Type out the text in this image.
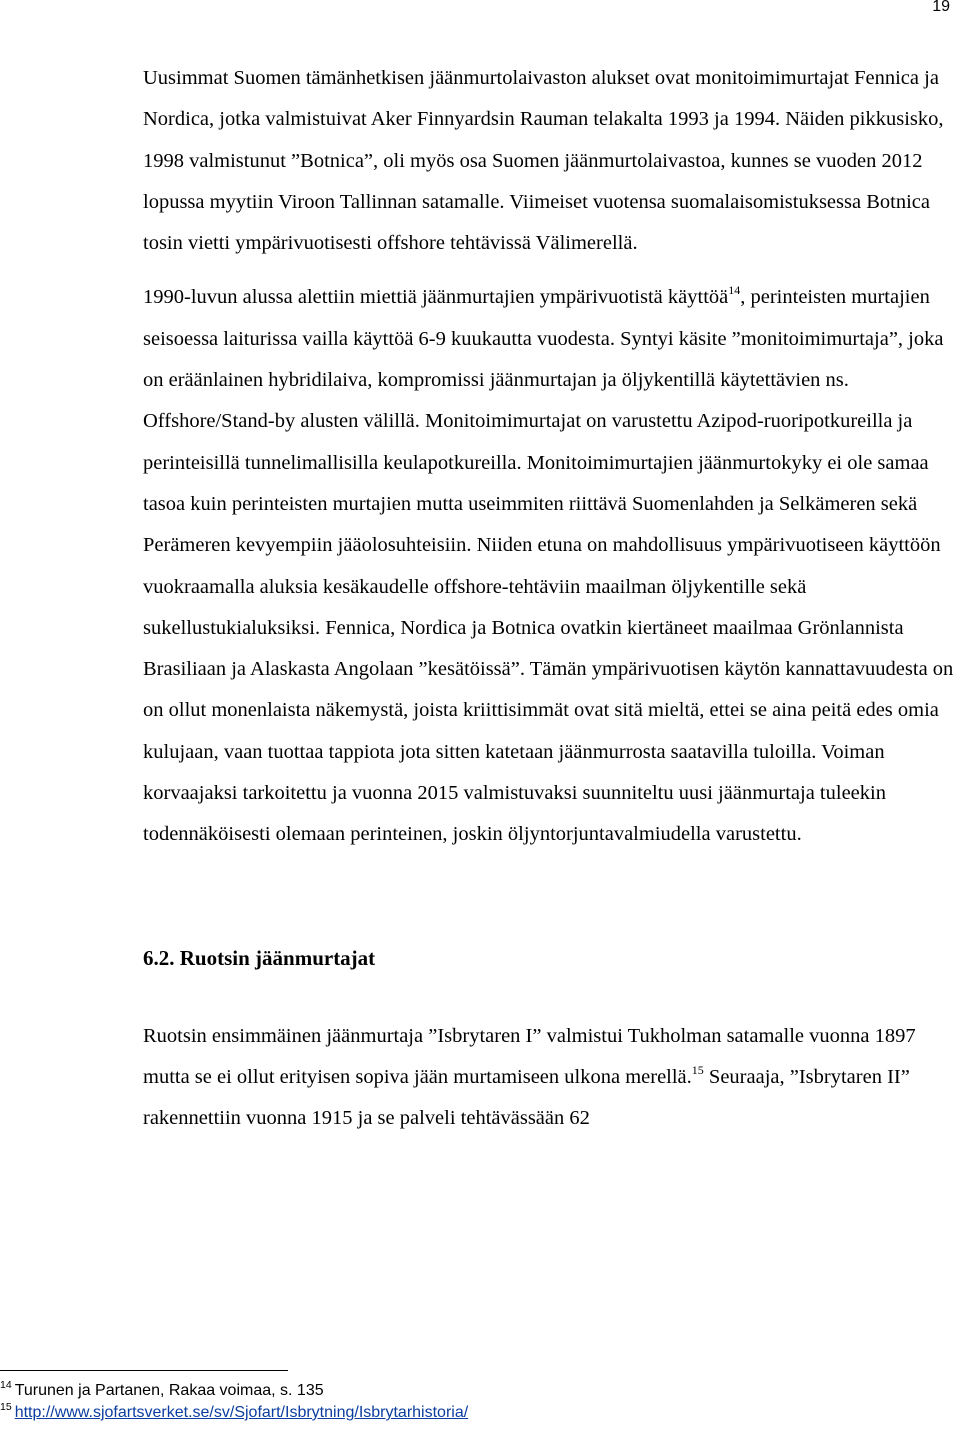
19

Uusimmat Suomen tämänhetkisen jäänmurtolaivaston alukset ovat monitoimimurtajat Fennica ja Nordica, jotka valmistuivat Aker Finnyardsin Rauman telakalta 1993 ja 1994. Näiden pikkusisko, 1998 valmistunut ”Botnica”, oli myös osa Suomen jäänmurtolaivastoa, kunnes se vuoden 2012 lopussa myytiin Viroon Tallinnan satamalle. Viimeiset vuotensa suomalaisomistuksessa Botnica tosin vietti ympärivuotisesti offshore tehtävissä Välimerellä.

1990-luvun alussa alettiin miettiä jäänmurtajien ympärivuotistä käyttöä$^{14}$, perinteisten murtajien seisoessa laiturissa vailla käyttöä 6-9 kuukautta vuodesta. Syntyi käsite ”monitoimimurtaja”, joka on eräänlainen hybridilaiva, kompromissi jäänmurtajan ja öljykentillä käytettävien ns. Offshore/Stand-by alusten välillä. Monitoimimurtajat on varustettu Azipod-ruoripotkureilla ja perinteisillä tunnelimallisilla keulapotkureilla. Monitoimimurtajien jäänmurtokyky ei ole samaa tasoa kuin perinteisten murtajien mutta useimmiten riittävä Suomenlahden ja Selkämeren sekä Perämeren kevyempiin jääolosuhteisiin. Niiden etuna on mahdollisuus ympärivuotiseen käyttöön vuokraamalla aluksia kesäkaudelle offshore-tehtäviin maailman öljykentille sekä sukellustukialuksiksi. Fennica, Nordica ja Botnica ovatkin kiertäneet maailmaa Grönlannista Brasiliaan ja Alaskasta Angolaan ”kesätöissä”. Tämän ympärivuotisen käytön kannattavuudesta on on ollut monenlaista näkemystä, joista kriittisimmät ovat sitä mieltä, ettei se aina peitä edes omia kulujaan, vaan tuottaa tappiota jota sitten katetaan jäänmurrosta saatavilla tuloilla. Voiman korvaajaksi tarkoitettu ja vuonna 2015 valmistuvaksi suunniteltu uusi jäänmurtaja tuleekin todennäköisesti olemaan perinteinen, joskin öljyntorjuntavalmiudella varustettu.

6.2. Ruotsin jäänmurtajat

Ruotsin ensimmäinen jäänmurtaja ”Isbrytaren I” valmistui Tukholman satamalle vuonna 1897 mutta se ei ollut erityisen sopiva jään murtamiseen ulkona merellä.$^{15}$ Seuraaja, ”Isbrytaren II” rakennettiin vuonna 1915 ja se palveli tehtävässään 62

$^{14}$ Turunen ja Partanen, Rakaa voimaa, s. 135

$^{15}$ http://www.sjofartsverket.se/sv/Sjofart/Isbrytning/Isbrytarhistoria/
